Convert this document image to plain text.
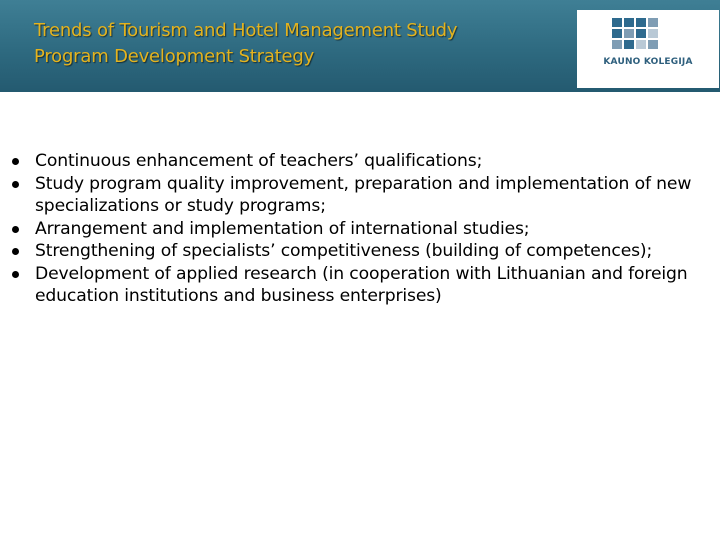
Trends of Tourism and Hotel Management Study
Program Development Strategy	KAUNO KOLEGIJA
Continuous enhancement of teachers’ qualifications;
Study program quality improvement, preparation and implementation of new specializations or study programs;
Arrangement and implementation of international studies;
Strengthening of specialists’ competitiveness (building of competences);
Development of applied research (in cooperation with Lithuanian and foreign education institutions and business enterprises)
